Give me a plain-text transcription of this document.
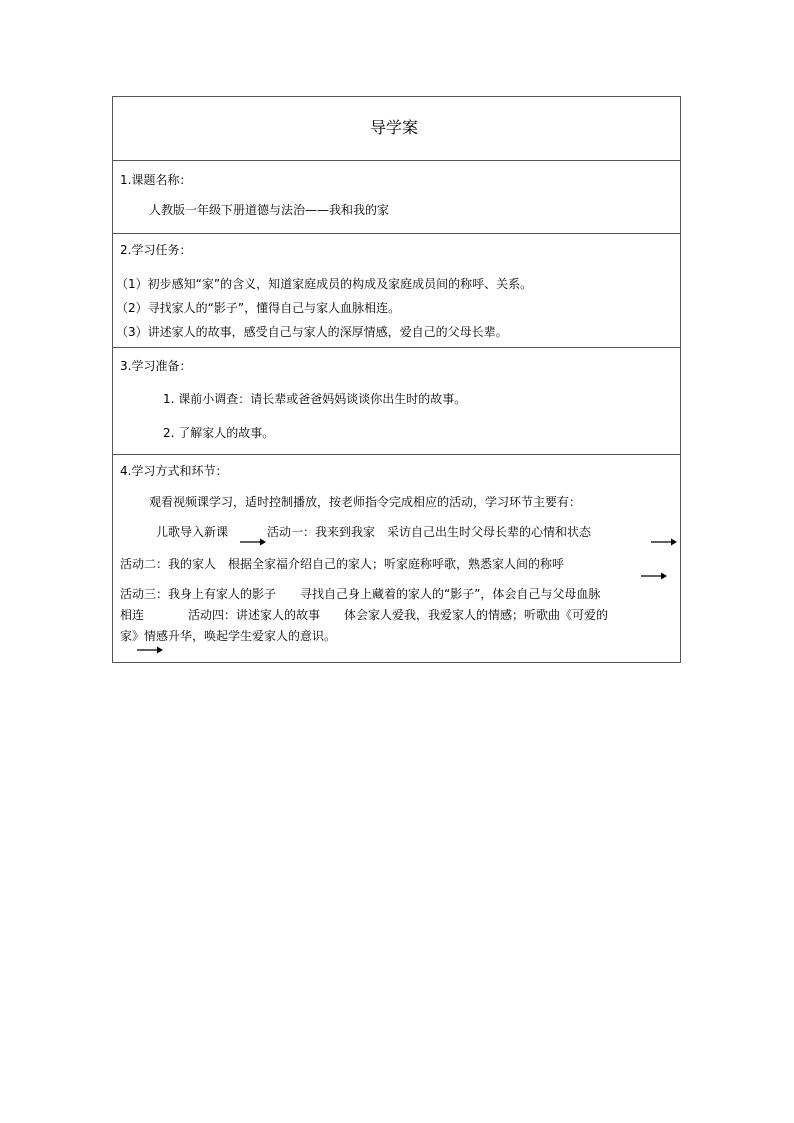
导学案
1.课题名称：
人教版一年级下册道德与法治——我和我的家
2.学习任务：
（1）初步感知“家”的含义，知道家庭成员的构成及家庭成员间的称呼、关系。
（2）寻找家人的“影子”，懂得自己与家人血脉相连。
（3）讲述家人的故事，感受自己与家人的深厚情感，爱自己的父母长辈。
3.学习准备：
1. 课前小调查：请长辈或爸爸妈妈谈谈你出生时的故事。
2. 了解家人的故事。
4.学习方式和环节：
观看视频课学习，适时控制播放，按老师指令完成相应的活动，学习环节主要有：
儿歌导入新课	活动一：我来到我家　采访自己出生时父母长辈的心情和状态
活动二：我的家人　根据全家福介绍自己的家人；听家庭称呼歌，熟悉家人间的称呼
活动三：我身上有家人的影子　　寻找自己身上藏着的家人的“影子”，体会自己与父母血脉
相连	活动四：讲述家人的故事　　体会家人爱我，我爱家人的情感；听歌曲《可爱的
家》情感升华，唤起学生爱家人的意识。
